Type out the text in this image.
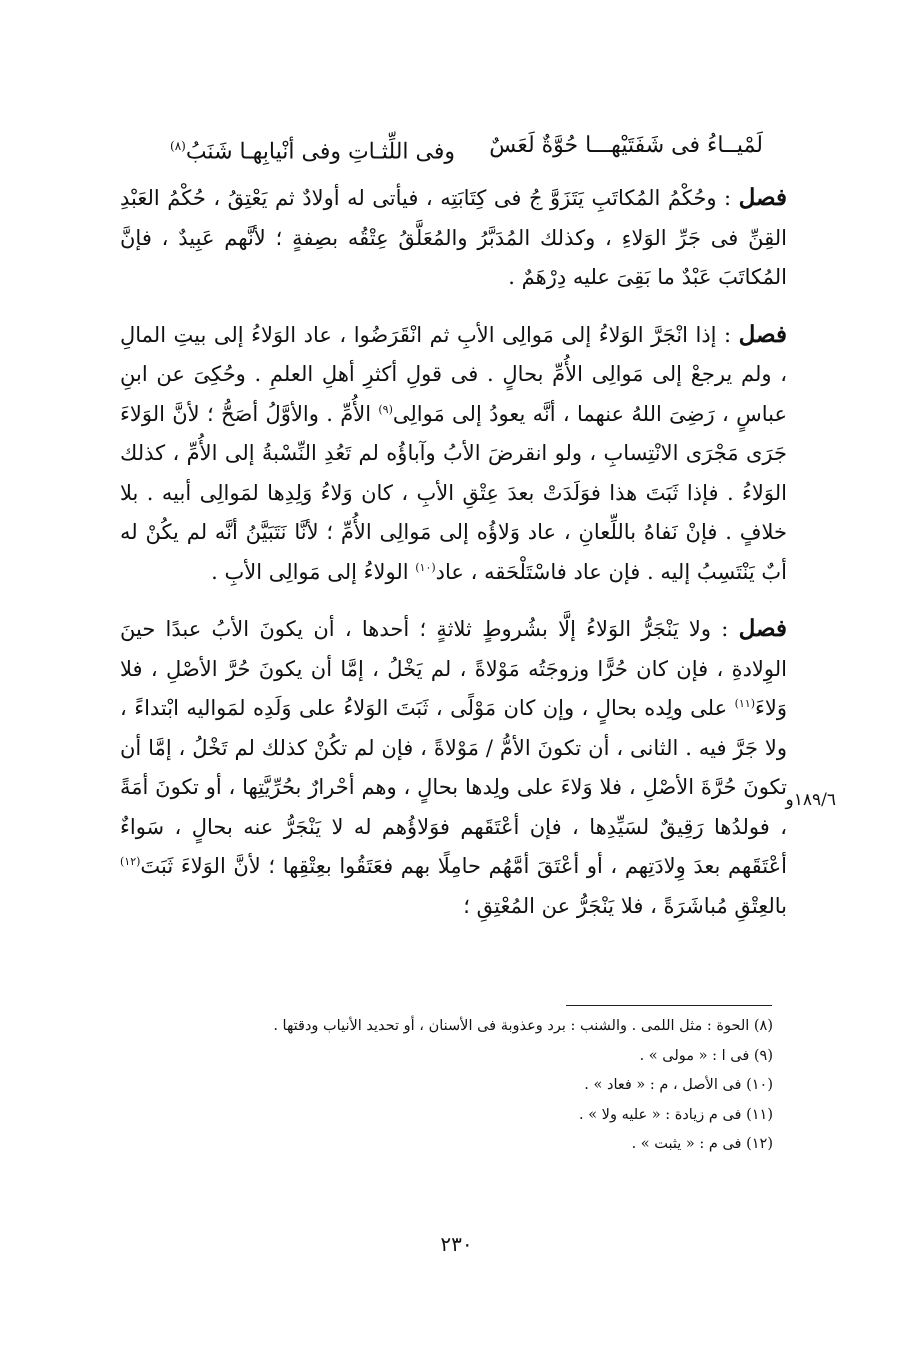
لَمْيــاءُ فى شَفَتَيْهـــا حُوَّةٌ لَعَسٌ
وفى اللِّثـاتِ وفى أنْيابِهـا شَنَبُ$^{(٨)}$

فصل : وحُكْمُ المُكاتَبِ يَتَزَوَّ جُ فى كِتَابَتِه ، فيأتى له أولادٌ ثم يَعْتِقُ ، حُكْمُ العَبْدِ القِنِّ فى جَرِّ الوَلاءِ ، وكذلك المُدَبَّرُ والمُعَلَّقُ عِتْقُه بصِفةٍ ؛ لأنَّهم عَبِيدٌ ، فإنَّ المُكاتَبَ عَبْدٌ ما بَقِىَ عليه دِرْهَمٌ .

فصل : إذا انْجَرَّ الوَلاءُ إلى مَوالِى الأبِ ثم انْقَرَضُوا ، عاد الوَلاءُ إلى بيتِ المالِ ، ولم يرجعْ إلى مَوالِى الأُمِّ بحالٍ . فى قولِ أكثرِ أهلِ العلمِ . وحُكِىَ عن ابنِ عباسٍ ، رَضِىَ اللهُ عنهما ، أنَّه يعودُ إلى مَوالِى$^{(٩)}$ الأُمِّ . والأوَّلُ أصَحُّ ؛ لأنَّ الوَلاءَ جَرَى مَجْرَى الانْتِسابِ ، ولو انقرضَ الأبُ وآباؤُه لم تَعُدِ النِّسْبةُ إلى الأُمِّ ، كذلك الوَلاءُ . فإذا ثَبَتَ هذا فوَلَدَتْ بعدَ عِتْقِ الأبِ ، كان وَلاءُ وَلِدِها لمَوالِى أبيه . بلا خلافٍ . فإنْ نَفاهُ باللِّعانِ ، عاد وَلاؤُه إلى مَوالِى الأُمِّ ؛ لأنَّا نَتَبَيَّنُ أنَّه لم يكُنْ له أبٌ يَنْتَسِبُ إليه . فإن عاد فاسْتَلْحَقه ، عاد$^{(١٠)}$ الولاءُ إلى مَوالِى الأبِ .

فصل : ولا يَنْجَرُّ الوَلاءُ إلَّا بشُروطٍ ثلاثةٍ ؛ أحدها ، أن يكونَ الأبُ عبدًا حينَ الوِلادةِ ، فإن كان حُرًّا وزوجَتُه مَوْلاةً ، لم يَخْلُ ، إمَّا أن يكونَ حُرَّ الأصْلِ ، فلا وَلاءَ$^{(١١)}$ على ولِده بحالٍ ، وإن كان مَوْلًى ، ثَبَتَ الوَلاءُ على وَلَدِه لمَواليه ابْتداءً ، ولا جَرَّ فيه . الثانى ، أن تكونَ الأمُّ / مَوْلاةً ، فإن لم تكُنْ كذلك لم تَخْلُ ، إمَّا أن تكونَ حُرَّةَ الأصْلِ ، فلا وَلاءَ على ولِدها بحالٍ ، وهم أحْرارٌ بحُرِّيَّتِها ، أو تكونَ أمَةً ، فولدُها رَقِيقٌ لسَيِّدِها ، فإن أعْتَقَهم فوَلاؤُهم له لا يَنْجَرُّ عنه بحالٍ ، سَواءٌ أعْتَقَهم بعدَ وِلادَتِهم ، أو أعْتَقَ أمَّهُم حامِلًا بهم فعَتَقُوا بعِتْقِها ؛ لأنَّ الوَلاءَ ثَبَتَ$^{(١٢)}$ بالعِتْقِ مُباشَرَةً ، فلا يَنْجَرُّ عن المُعْتِقِ ؛

١٨٩/٦و
(٨) الحوة : مثل اللمى . والشنب : برد وعذوبة فى الأسنان ، أو تحديد الأنياب ودقتها .
(٩) فى ا : « مولى » .
(١٠) فى الأصل ، م : « فعاد » .
(١١) فى م زيادة : « عليه ولا » .
(١٢) فى م : « يثبت » .
٢٣٠
